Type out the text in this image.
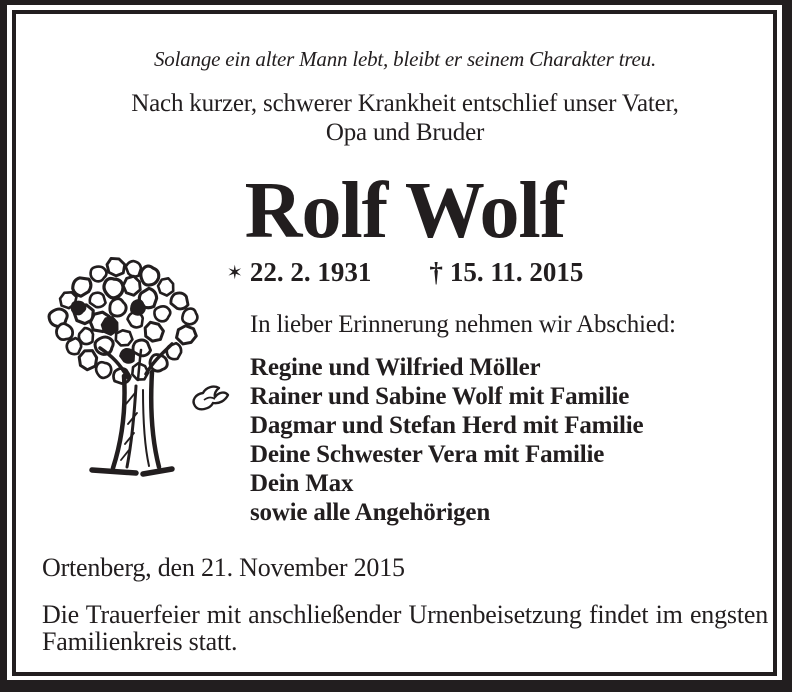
Solange ein alter Mann lebt, bleibt er seinem Charakter treu.
Nach kurzer, schwerer Krankheit entschlief unser Vater,
Opa und Bruder
Rolf Wolf
✶ 22. 2. 1931 † 15. 11. 2015
In lieber Erinnerung nehmen wir Abschied:
Regine und Wilfried Möller
Rainer und Sabine Wolf mit Familie
Dagmar und Stefan Herd mit Familie
Deine Schwester Vera mit Familie
Dein Max
sowie alle Angehörigen
Ortenberg, den 21. November 2015
Die Trauerfeier mit anschließender Urnenbeisetzung findet im engsten Familienkreis statt.
